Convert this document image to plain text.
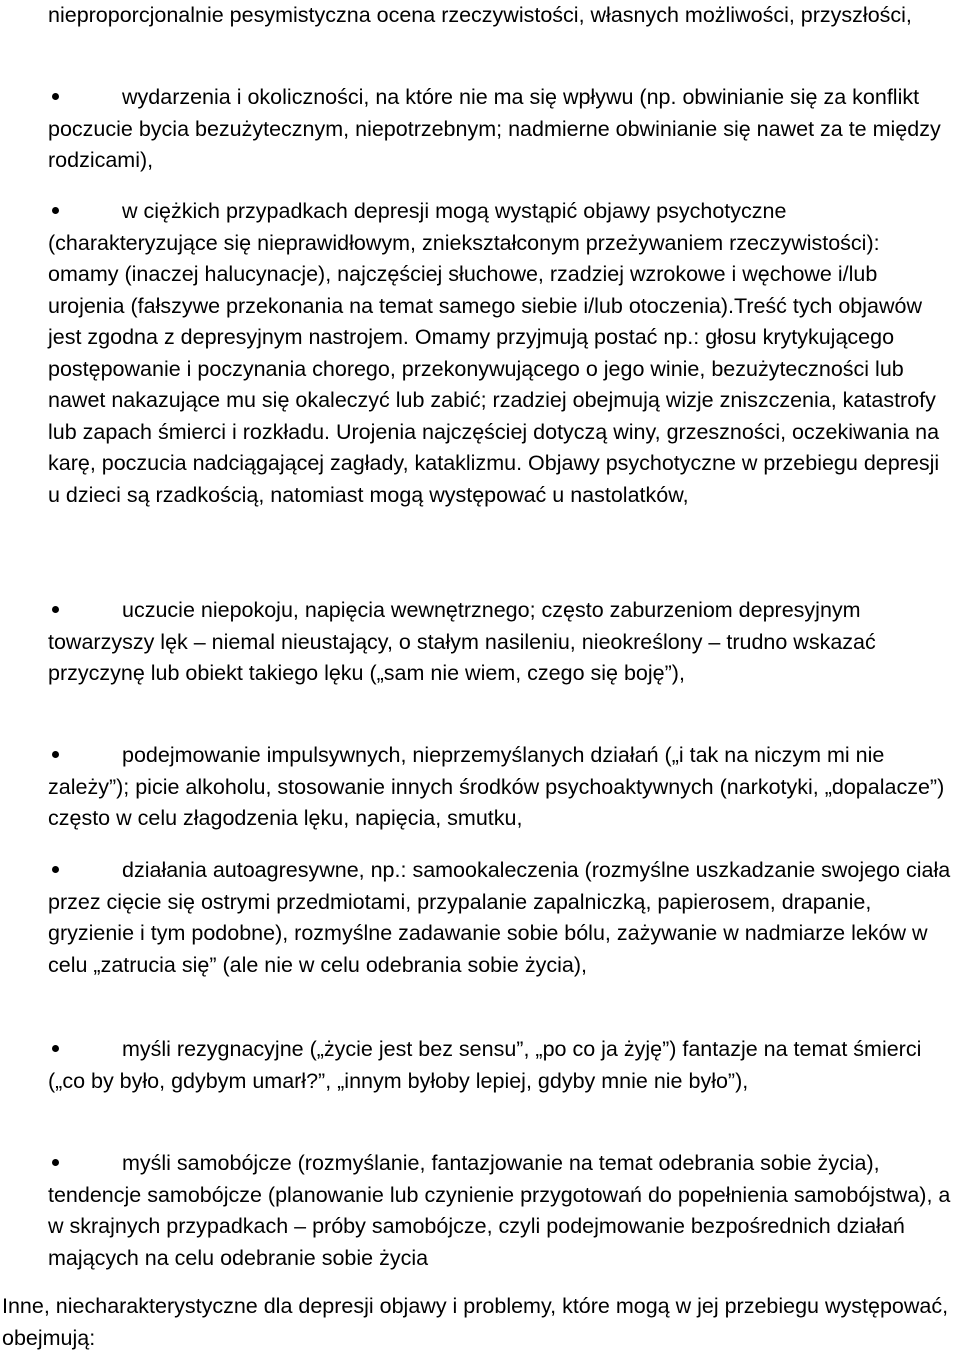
nieproporcjonalnie pesymistyczna ocena rzeczywistości, własnych możliwości, przyszłości,

wydarzenia i okoliczności, na które nie ma się wpływu (np. obwinianie się za konflikt poczucie bycia bezużytecznym, niepotrzebnym; nadmierne obwinianie się nawet za te między rodzicami),

w ciężkich przypadkach depresji mogą wystąpić objawy psychotyczne (charakteryzujące się nieprawidłowym, zniekształconym przeżywaniem rzeczywistości): omamy (inaczej halucynacje), najczęściej słuchowe, rzadziej wzrokowe i węchowe i/lub urojenia (fałszywe przekonania na temat samego siebie i/lub otoczenia).Treść tych objawów jest zgodna z depresyjnym nastrojem. Omamy przyjmują postać np.: głosu krytykującego postępowanie i poczynania chorego, przekonywującego o jego winie, bezużyteczności lub nawet nakazujące mu się okaleczyć lub zabić; rzadziej obejmują wizje zniszczenia, katastrofy lub zapach śmierci i rozkładu. Urojenia najczęściej dotyczą winy, grzeszności, oczekiwania na karę, poczucia nadciągającej zagłady, kataklizmu. Objawy psychotyczne w przebiegu depresji u dzieci są rzadkością, natomiast mogą występować u nastolatków,

uczucie niepokoju, napięcia wewnętrznego; często zaburzeniom depresyjnym towarzyszy lęk – niemal nieustający, o stałym nasileniu, nieokreślony – trudno wskazać przyczynę lub obiekt takiego lęku („sam nie wiem, czego się boję”),

podejmowanie impulsywnych, nieprzemyślanych działań („i tak na niczym mi nie zależy”); picie alkoholu, stosowanie innych środków psychoaktywnych (narkotyki, „dopalacze”) często w celu złagodzenia lęku, napięcia, smutku,

działania autoagresywne, np.: samookaleczenia (rozmyślne uszkadzanie swojego ciała przez cięcie się ostrymi przedmiotami, przypalanie zapalniczką, papierosem, drapanie, gryzienie i tym podobne), rozmyślne zadawanie sobie bólu, zażywanie w nadmiarze leków w celu „zatrucia się” (ale nie w celu odebrania sobie życia),

myśli rezygnacyjne („życie jest bez sensu”, „po co ja żyję”) fantazje na temat śmierci („co by było, gdybym umarł?”, „innym byłoby lepiej, gdyby mnie nie było”),

myśli samobójcze (rozmyślanie, fantazjowanie na temat odebrania sobie życia), tendencje samobójcze (planowanie lub czynienie przygotowań do popełnienia samobójstwa), a w skrajnych przypadkach – próby samobójcze, czyli podejmowanie bezpośrednich działań mających na celu odebranie sobie życia

Inne, niecharakterystyczne dla depresji objawy i problemy, które mogą w jej przebiegu występować, obejmują:
